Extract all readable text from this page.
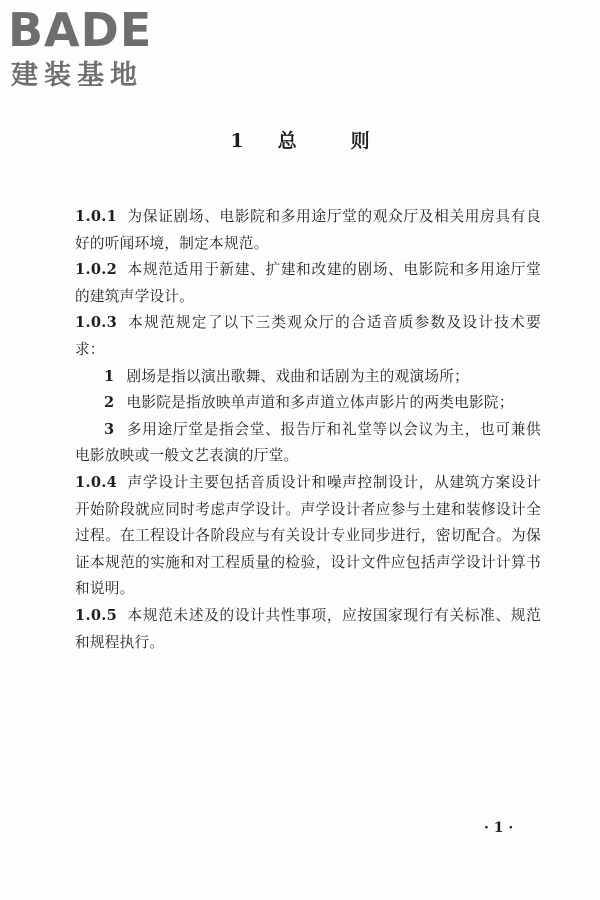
BADE
建装基地
1 总	则

1.0.1 为保证剧场、电影院和多用途厅堂的观众厅及相关用房具有良好的听闻环境，制定本规范。

1.0.2 本规范适用于新建、扩建和改建的剧场、电影院和多用途厅堂的建筑声学设计。

1.0.3 本规范规定了以下三类观众厅的合适音质参数及设计技术要求：

1 剧场是指以演出歌舞、戏曲和话剧为主的观演场所；

2 电影院是指放映单声道和多声道立体声影片的两类电影院；

3 多用途厅堂是指会堂、报告厅和礼堂等以会议为主，也可兼供电影放映或一般文艺表演的厅堂。

1.0.4 声学设计主要包括音质设计和噪声控制设计，从建筑方案设计开始阶段就应同时考虑声学设计。声学设计者应参与土建和装修设计全过程。在工程设计各阶段应与有关设计专业同步进行，密切配合。为保证本规范的实施和对工程质量的检验，设计文件应包括声学设计计算书和说明。

1.0.5 本规范未述及的设计共性事项，应按国家现行有关标准、规范和规程执行。

· 1 ·
